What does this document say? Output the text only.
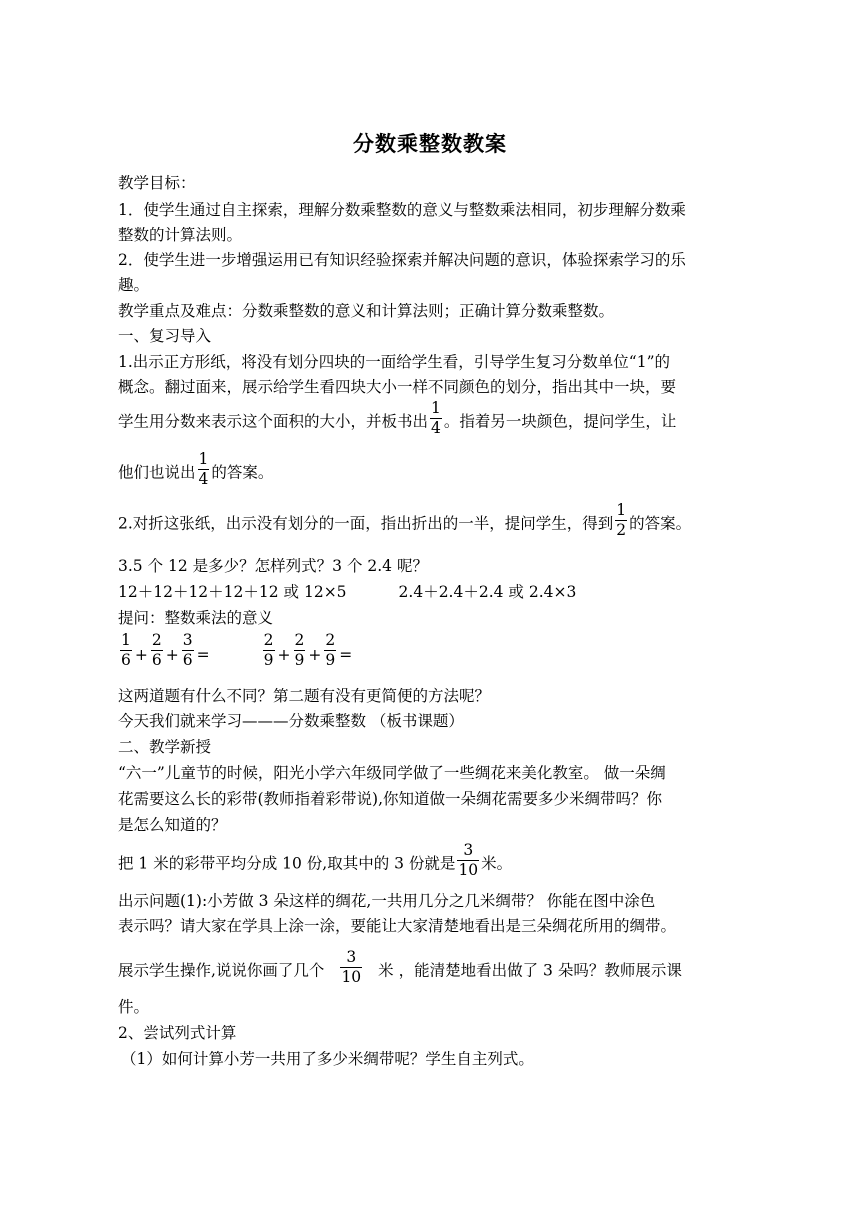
分数乘整数教案
教学目标：
1．使学生通过自主探索，理解分数乘整数的意义与整数乘法相同，初步理解分数乘
整数的计算法则。
2．使学生进一步增强运用已有知识经验探索并解决问题的意识，体验探索学习的乐
趣。
教学重点及难点：分数乘整数的意义和计算法则；正确计算分数乘整数。
一、复习导入
1.出示正方形纸，将没有划分四块的一面给学生看，引导学生复习分数单位“1”的
概念。翻过面来，展示给学生看四块大小一样不同颜色的划分，指出其中一块，要
学生用分数来表示这个面积的大小，并板书出 $\frac{1}{4}$ 。指着另一块颜色，提问学生，让
他们也说出 $\frac{1}{4}$ 的答案。
2.对折这张纸，出示没有划分的一面，指出折出的一半，提问学生，得到 $\frac{1}{2}$ 的答案。
3.5 个 12 是多少？怎样列式？3 个 2.4 呢？
12＋12＋12＋12＋12 或 12×5	2.4＋2.4＋2.4 或 2.4×3
提问：整数乘法的意义
$\frac{1}{6} + \frac{2}{6} + \frac{3}{6}$ =	$\frac{2}{9} + \frac{2}{9} + \frac{2}{9}$ =
这两道题有什么不同？第二题有没有更简便的方法呢？
今天我们就来学习———分数乘整数 （板书课题）
二、教学新授
“六一”儿童节的时候，阳光小学六年级同学做了一些绸花来美化教室。 做一朵绸
花需要这么长的彩带(教师指着彩带说),你知道做一朵绸花需要多少米绸带吗？你
是怎么知道的？
把 1 米的彩带平均分成 10 份,取其中的 3 份就是 $\frac{3}{10}$ 米。
出示问题(1):小芳做 3 朵这样的绸花,一共用几分之几米绸带？ 你能在图中涂色
表示吗？请大家在学具上涂一涂，要能让大家清楚地看出是三朵绸花所用的绸带。
展示学生操作,说说你画了几个 $\frac{3}{10}$ 米 ，能清楚地看出做了 3 朵吗？教师展示课
件。
2、尝试列式计算
（1）如何计算小芳一共用了多少米绸带呢？学生自主列式。
